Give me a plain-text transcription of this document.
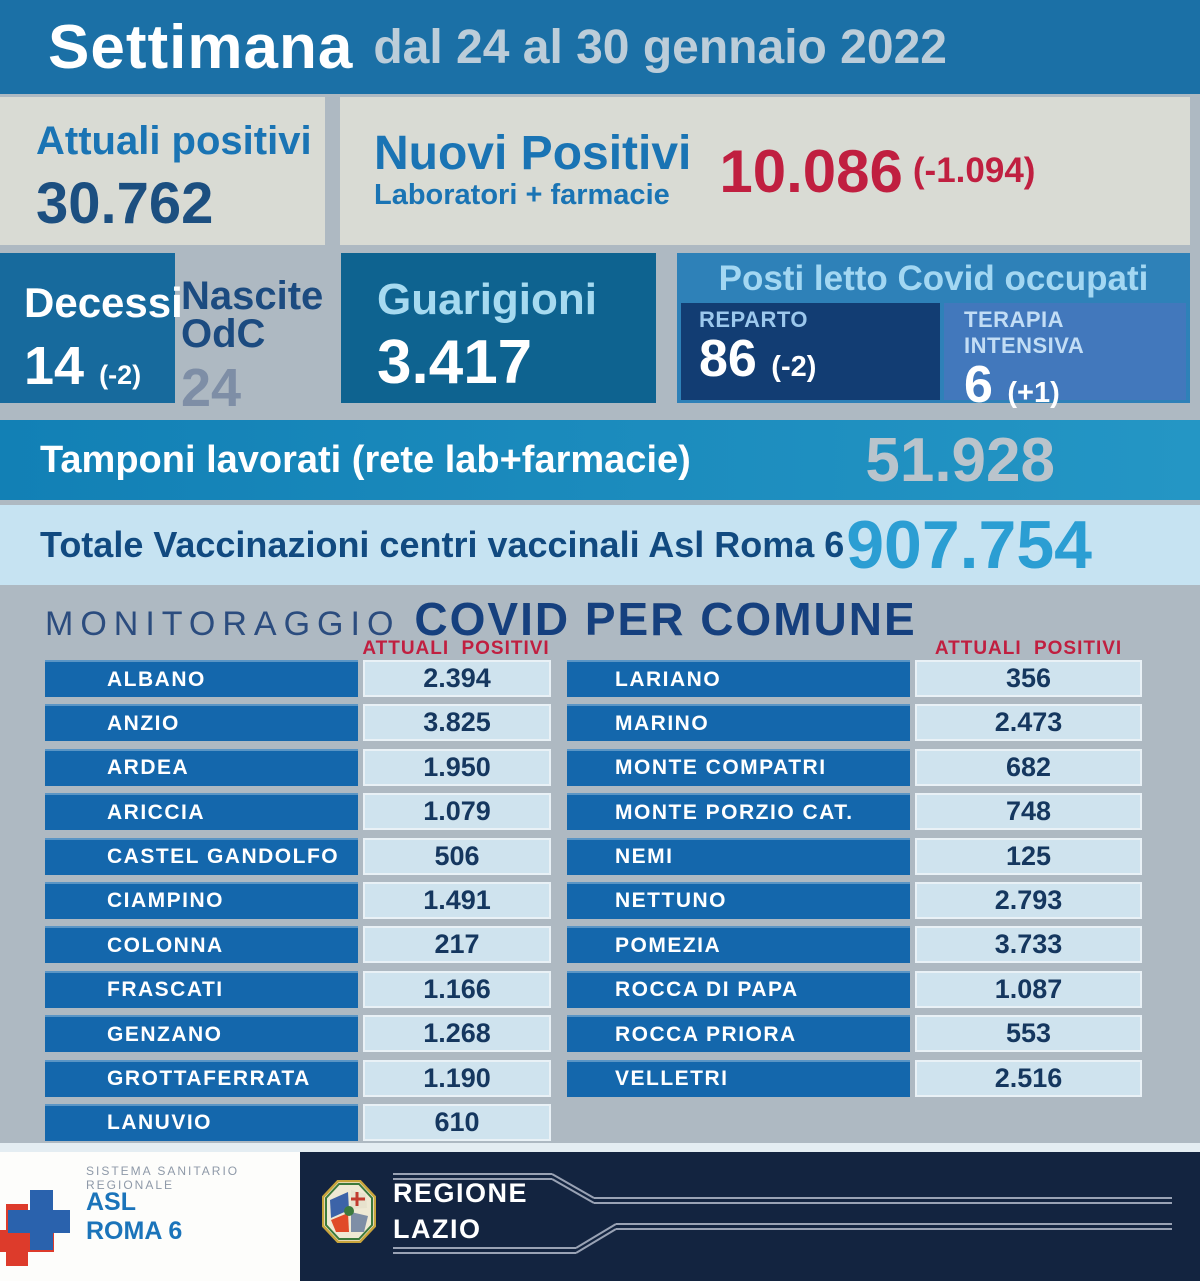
Settimana dal 24 al 30 gennaio 2022
Attuali positivi
30.762
Nuovi Positivi
Laboratori + farmacie 10.086 (-1.094)
Decessi
14 (-2)
Nascite OdC
24
Guarigioni
3.417
Posti letto Covid occupati
REPARTO
86 (-2)
TERAPIA INTENSIVA
6 (+1)
Tamponi lavorati (rete lab+farmacie)	51.928
Totale Vaccinazioni centri vaccinali Asl Roma 6 907.754
MONITORAGGIO COVID PER COMUNE
ATTUALI POSITIVI	ATTUALI POSITIVI
ALBANO	2.394
ANZIO	3.825
ARDEA	1.950
ARICCIA	1.079
CASTEL GANDOLFO	506
CIAMPINO	1.491
COLONNA	217
FRASCATI	1.166
GENZANO	1.268
GROTTAFERRATA	1.190
LANUVIO	610
LARIANO	356
MARINO	2.473
MONTE COMPATRI	682
MONTE PORZIO CAT.	748
NEMI	125
NETTUNO	2.793
POMEZIA	3.733
ROCCA DI PAPA	1.087
ROCCA PRIORA	553
VELLETRI	2.516
SISTEMA SANITARIO REGIONALE
ASL
ROMA 6
REGIONE
LAZIO
